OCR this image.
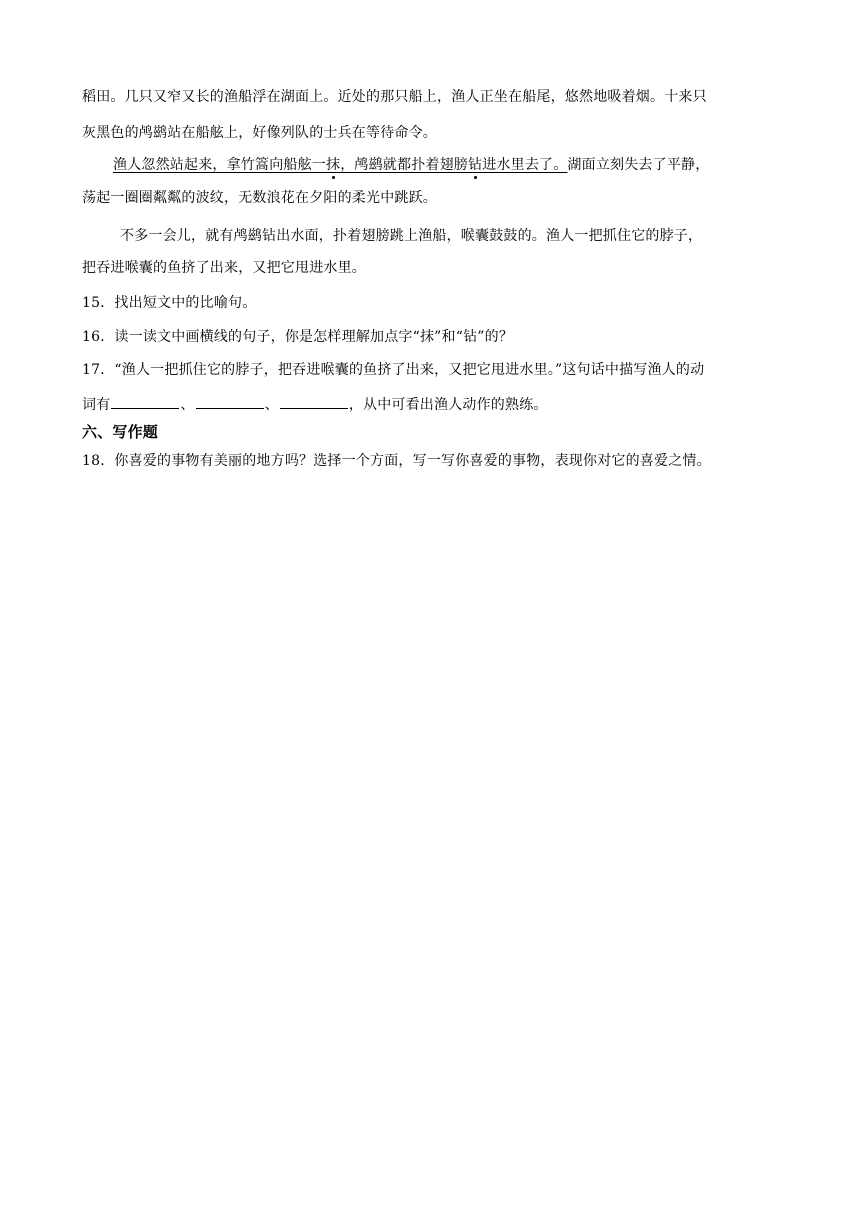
稻田。几只又窄又长的渔船浮在湖面上。近处的那只船上，渔人正坐在船尾，悠然地吸着烟。十来只
灰黑色的鸬鹚站在船舷上，好像列队的士兵在等待命令。
渔人忽然站起来，拿竹篙向船舷一抹，鸬鹚就都扑着翅膀钻进水里去了。湖面立刻失去了平静，
荡起一圈圈粼粼的波纹，无数浪花在夕阳的柔光中跳跃。
不多一会儿，就有鸬鹚钻出水面，扑着翅膀跳上渔船，喉囊鼓鼓的。渔人一把抓住它的脖子，
把吞进喉囊的鱼挤了出来，又把它甩进水里。
15．找出短文中的比喻句。
16．读一读文中画横线的句子，你是怎样理解加点字“抹”和“钻”的？
17．“渔人一把抓住它的脖子，把吞进喉囊的鱼挤了出来，又把它甩进水里。”这句话中描写渔人的动
词有	、	、	，从中可看出渔人动作的熟练。
六、写作题
18．你喜爱的事物有美丽的地方吗？选择一个方面，写一写你喜爱的事物，表现你对它的喜爱之情。
